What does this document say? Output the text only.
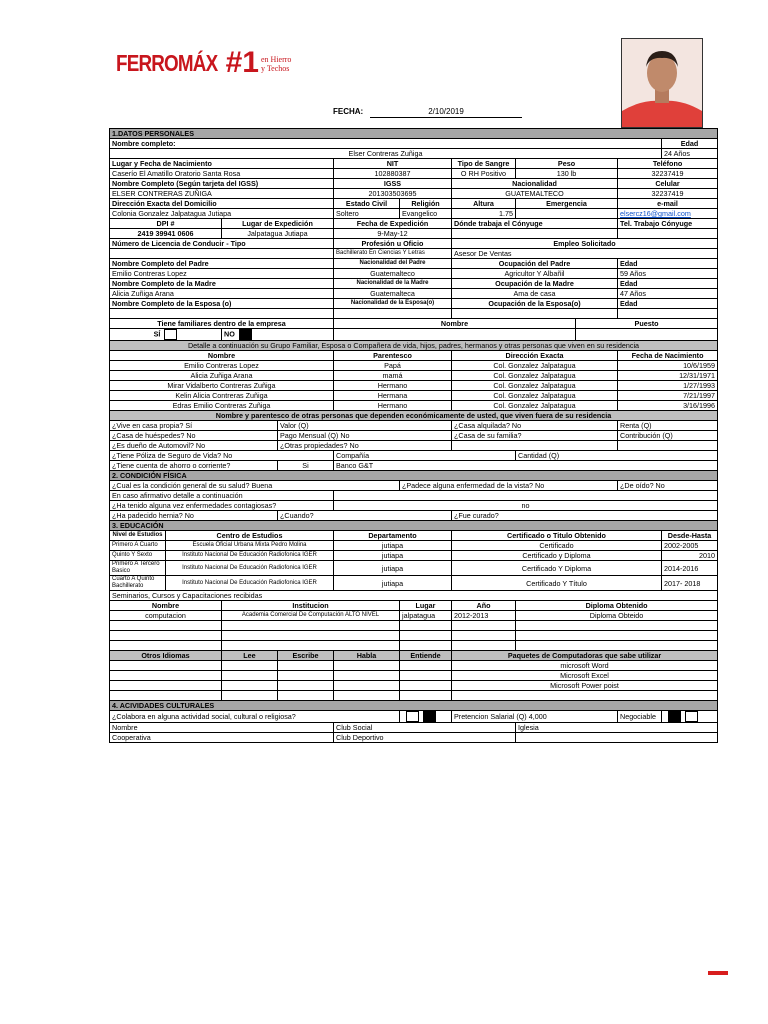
FERROMÁX #1 en Hierro
y Techos
FECHA:	2/10/2019
1.DATOS PERSONALES										
Nombre completo:										Edad
Elser Contreras Zuñiga										24 Años
Lugar y Fecha de Nacimiento				NIT		Tipo de Sangre	Peso		Teléfono	
Caserío El Amatillo Oratorio Santa Rosa				102880387		O RH Positivo	130 lb		32237419	
Nombre Completo (Según tarjeta del IGSS)				IGSS		Nacionalidad			Celular	
ELSER CONTRERAS ZUÑIGA				201303503695		GUATEMALTECO			32237419	
Dirección Exacta del Domicilio				Estado Civil	Religión	Altura	Emergencia		e-mail	
Colonia Gonzalez Jalpatagua Jutiapa				Soltero	Evangelico	1.75			elsercz16@gmail.com	
DPI #		Lugar de Expedición		Fecha de Expedición		Dónde trabaja el Cónyuge			Tel. Trabajo Cónyuge	
2419 39941 0606		Jalpatagua Jutiapa		9-May-12						
Número de Licencia de Conducir - Tipo				Profesión u Oficio		Empleo Solicitado				
				Bachillerato En Ciencias Y Letras		Asesor De Ventas				
Nombre Completo del Padre				Nacionalidad del Padre		Ocupación del Padre			Edad	
Emilio Contreras Lopez				Guatemalteco		Agricultor Y Albañil			59 Años	
Nombre Completo de la Madre				Nacionalidad de la Madre		Ocupación de la Madre			Edad	
Alicia Zuñiga Arana				Guatemalteca		Ama de casa			47 Años	
Nombre Completo de la Esposa (o)				Nacionalidad de la Esposa(o)		Ocupación de la Esposa(o)			Edad	

Tiene familiares dentro de la empresa				Nombre				Puesto		
SÍ		NO								
Detalle a continuación su Grupo Familiar, Esposa o Compañera de vida, hijos, padres, hermanos y otras personas que viven en su residencia										
Nombre				Parentesco		Dirección Exacta			Fecha de Nacimiento	
Emilio Contreras Lopez				Papá		Col. Gonzalez Jalpatagua			10/6/1959	
Alicia Zuñiga Arana				mamá		Col. Gonzalez Jalpatagua			12/31/1971	
Mirar Vidalberto Contreras Zuñiga				Hermano		Col. Gonzalez Jalpatagua			1/27/1993	
Kelin Alicia Contreras Zuñiga				Hermana		Col. Gonzalez Jalpatagua			7/21/1997	
Edras Emilio Contreras Zuñiga				Hermano		Col. Gonzalez Jalpatagua			3/16/1996	
Nombre y parentesco de otras personas que dependen económicamente de usted, que viven fuera de su residencia										
¿Vive en casa propia? Sí			Valor (Q)			¿Casa alquilada? No			Renta (Q)	
¿Casa de huéspedes? No			Pago Mensual (Q) No			¿Casa de su familia?			Contribución (Q)	
¿Es dueño de Automovil? No			¿Otras propiedades? No							
¿Tiene Póliza de Seguro de Vida? No				Compañía			Cantidad (Q)			
¿Tiene cuenta de ahorro o corriente?			Si	Banco G&T						
2. CONDICIÓN FÍSICA										
¿Cual es la condición general de su salud? Buena					¿Padece alguna enfermedad de la vista? No				¿De oído? No	
En caso afirmativo detalle a continuación										
¿Ha tenido alguna vez enfermedades contagiosas?				no						
¿Ha padecido hernia? No			¿Cuando?			¿Fue curado?				
3. EDUCACIÓN										
Nivel de Estudios	Centro de Estudios			Departamento		Certificado o Titulo Obtenido				Desde-Hasta
Primero A Cuarto	Escuela Oficial Urbana Mixta Pedro Molina			jutiapa		Certificado				2002-2005
Quinto Y Sexto	Instituto Nacional De Educación Radiofonica IGER			jutiapa		Certificado y Diploma				2010
Primero A Tercero Basico	Instituto Nacional De Educación Radiofonica IGER			jutiapa		Certificado Y Diploma				2014-2016
Cuarto A Quinto Bachillerato	Instituto Nacional De Educación Radiofonica IGER			jutiapa		Certificado Y Título				2017- 2018
Seminarios, Cursos y Capacitaciones recibidas										
Nombre		Institucion			Lugar	Año	Diploma Obtenido			
computacion		Academia Comercial De Computación ALTO NIVEL			jalpatagua	2012-2013	Diploma Obteido			

Otros Idiomas		Lee	Escribe	Habla	Entiende	Paquetes de Computadoras que sabe utilizar				
						microsoft Word				
						Microsoft Excel				
						Microsoft Power poist				

4. ACIVIDADES CULTURALES										
¿Colabora en alguna actividad social, cultural o religiosa?						Pretencion Salarial (Q) 4,000			Negociable	
Nombre				Club Social			Iglesia			
Cooperativa				Club Deportivo						
